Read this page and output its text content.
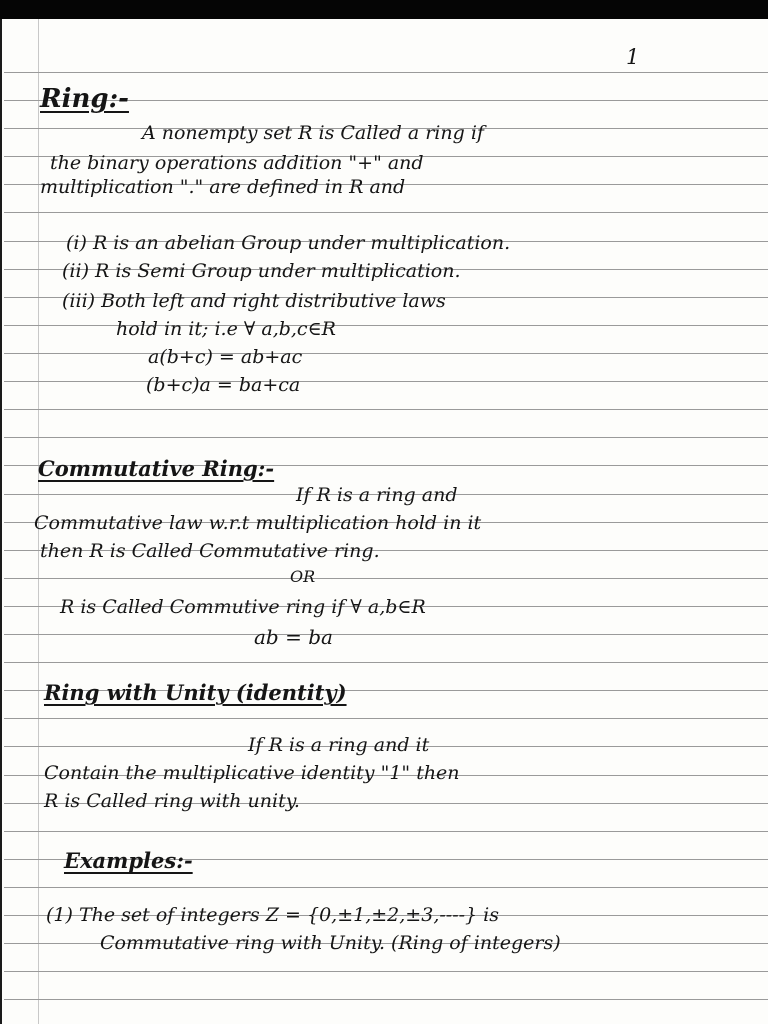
1
Ring:-
A nonempty set R is Called a ring if
the binary operations addition "+" and
multiplication "." are defined in R and
(i) R is an abelian Group under multiplication.
(ii) R is Semi Group under multiplication.
(iii) Both left and right distributive laws
hold in it; i.e ∀ a,b,c∈R
a(b+c) = ab+ac
(b+c)a = ba+ca
Commutative Ring:-
If R is a ring and
Commutative law w.r.t multiplication hold in it
then R is Called Commutative ring.
OR
R is Called Commutive ring if ∀ a,b∈R
ab = ba
Ring with Unity (identity)
If R is a ring and it
Contain the multiplicative identity "1" then
R is Called ring with unity.
Examples:-
(1) The set of integers Z = {0,±1,±2,±3,----} is
Commutative ring with Unity. (Ring of integers)
